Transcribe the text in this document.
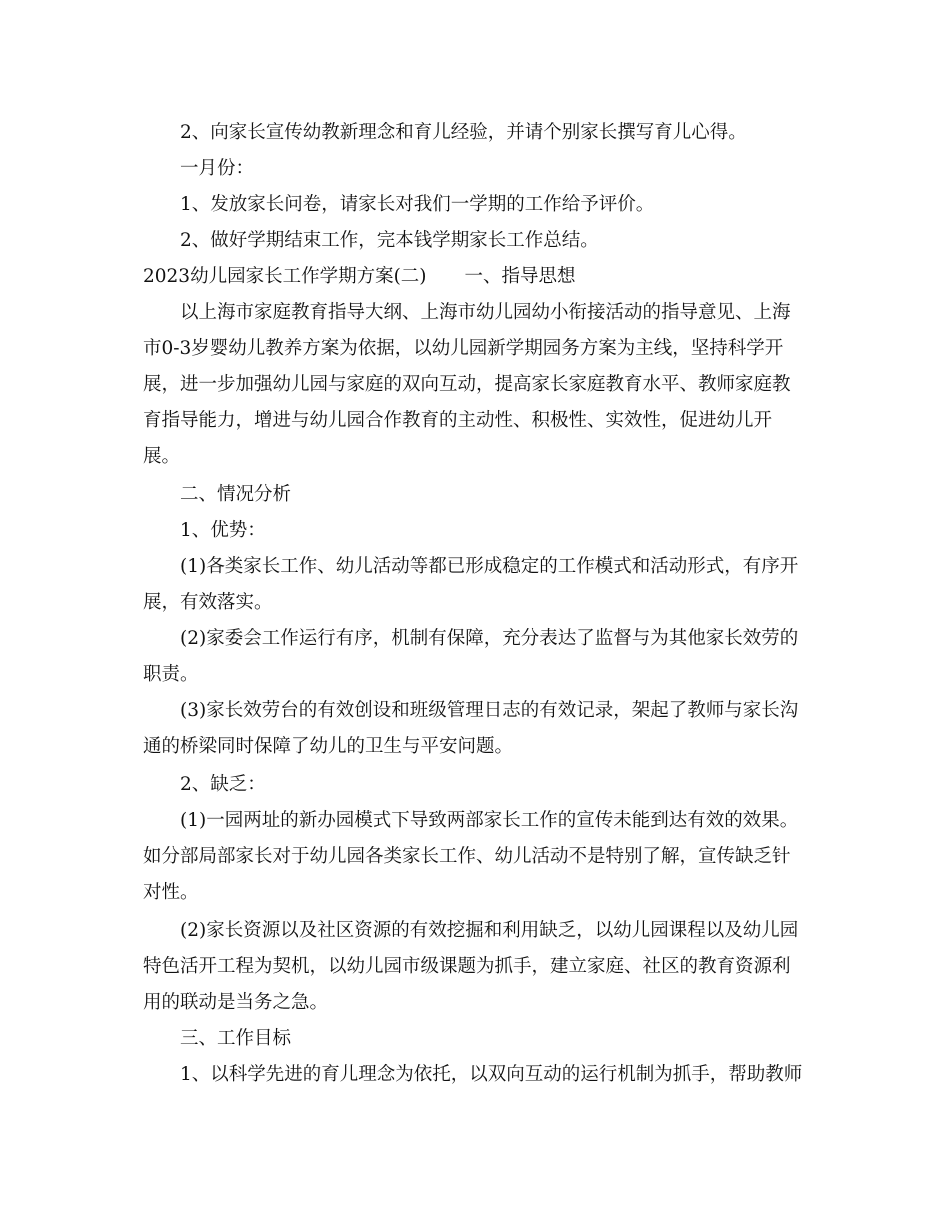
2、向家长宣传幼教新理念和育儿经验，并请个别家长撰写育儿心得。
一月份：
1、发放家长问卷，请家长对我们一学期的工作给予评价。
2、做好学期结束工作，完本钱学期家长工作总结。
2023幼儿园家长工作学期方案(二) 一、指导思想
以上海市家庭教育指导大纲、上海市幼儿园幼小衔接活动的指导意见、上海
市0-3岁婴幼儿教养方案为依据，以幼儿园新学期园务方案为主线，坚持科学开
展，进一步加强幼儿园与家庭的双向互动，提高家长家庭教育水平、教师家庭教
育指导能力，增进与幼儿园合作教育的主动性、积极性、实效性，促进幼儿开
展。
二、情况分析
1、优势：
(1)各类家长工作、幼儿活动等都已形成稳定的工作模式和活动形式，有序开
展，有效落实。
(2)家委会工作运行有序，机制有保障，充分表达了监督与为其他家长效劳的
职责。
(3)家长效劳台的有效创设和班级管理日志的有效记录，架起了教师与家长沟
通的桥梁同时保障了幼儿的卫生与平安问题。
2、缺乏：
(1)一园两址的新办园模式下导致两部家长工作的宣传未能到达有效的效果。
如分部局部家长对于幼儿园各类家长工作、幼儿活动不是特别了解，宣传缺乏针
对性。
(2)家长资源以及社区资源的有效挖掘和利用缺乏，以幼儿园课程以及幼儿园
特色活开工程为契机，以幼儿园市级课题为抓手，建立家庭、社区的教育资源利
用的联动是当务之急。
三、工作目标
1、以科学先进的育儿理念为依托，以双向互动的运行机制为抓手，帮助教师
